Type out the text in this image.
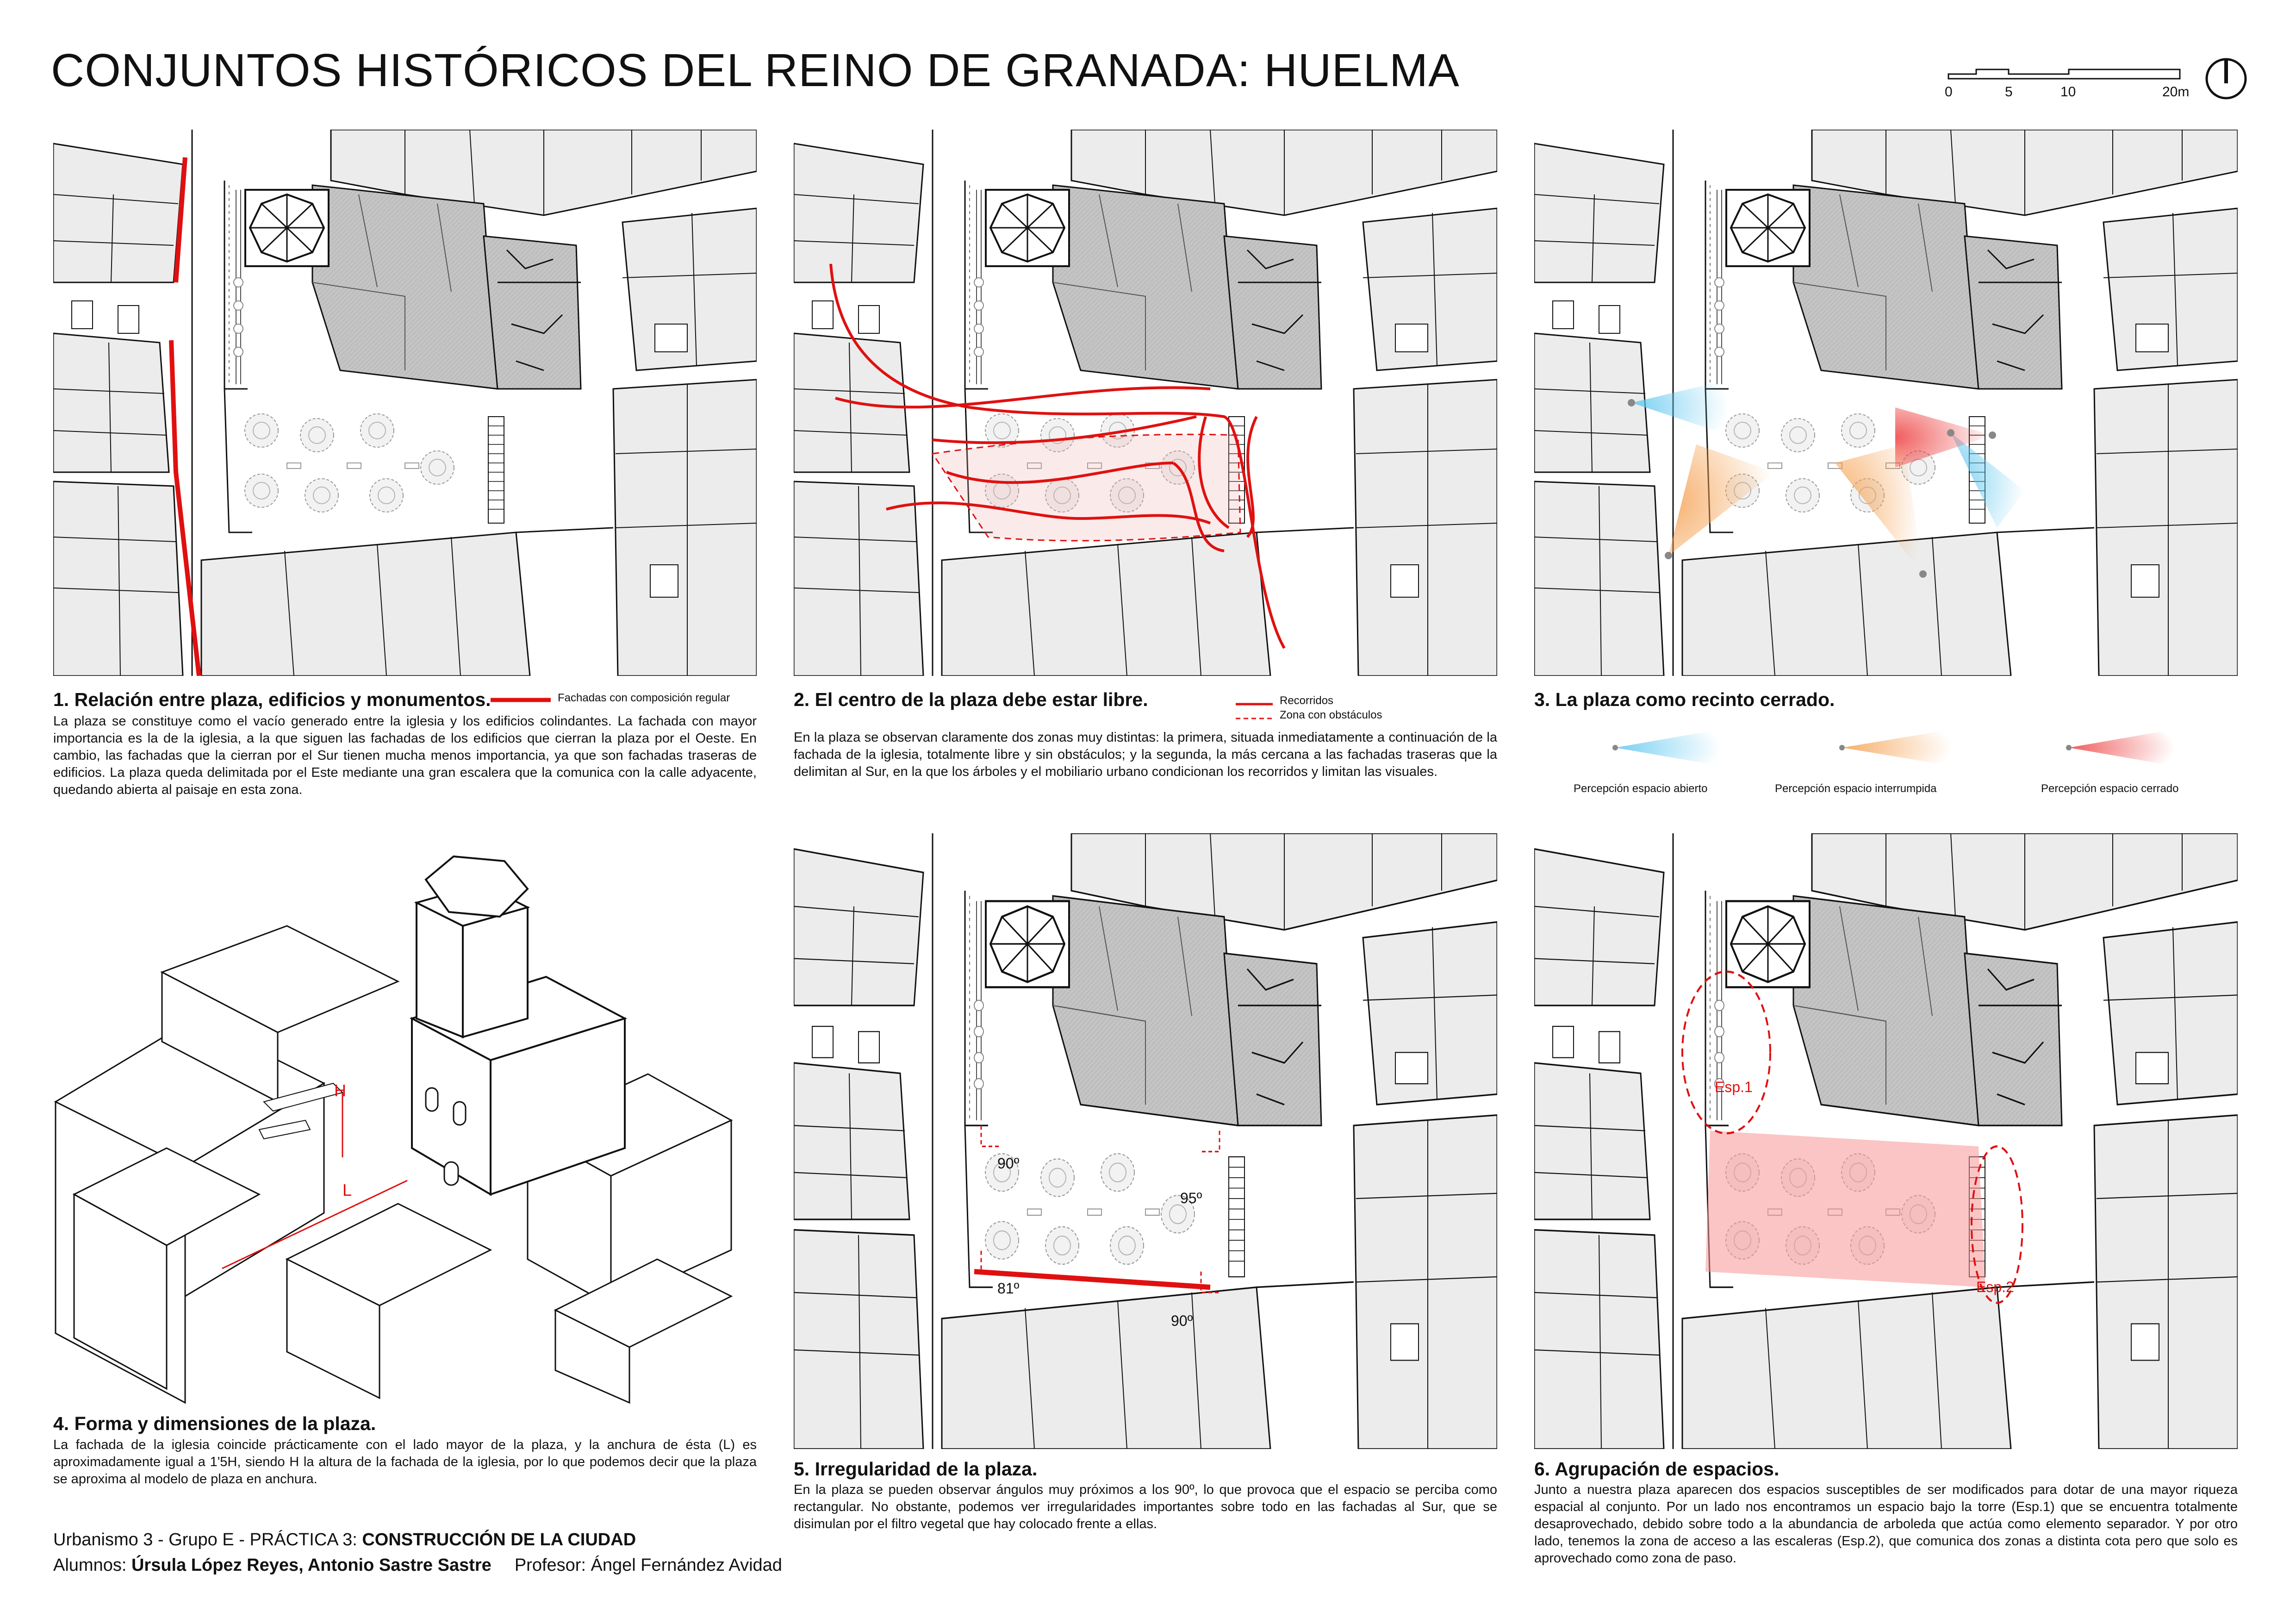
CONJUNTOS HISTÓRICOS DEL REINO DE GRANADA: HUELMA	0	5	10	20m
1. Relación entre plaza, edificios y monumentos.	Fachadas con composición regular
La plaza se constituye como el vacío generado entre la iglesia y los edificios colindantes. La fachada con mayor importancia es la de la iglesia, a la que siguen las fachadas de los edificios que cierran la plaza por el Oeste. En cambio, las fachadas que la cierran por el Sur tienen mucha menos importancia, ya que son fachadas traseras de edificios. La plaza queda delimitada por el Este mediante una gran escalera que la comunica con la calle adyacente, quedando abierta al paisaje en esta zona.
2. El centro de la plaza debe estar libre.	Recorridos
Zona con obstáculos
En la plaza se observan claramente dos zonas muy distintas: la primera, situada inmediatamente a continuación de la fachada de la iglesia, totalmente libre y sin obstáculos; y la segunda, la más cercana a las fachadas traseras que la delimitan al Sur, en la que los árboles y el mobiliario urbano condicionan los recorridos y limitan las visuales.
3. La plaza como recinto cerrado.
Percepción espacio abierto	Percepción espacio interrumpida	Percepción espacio cerrado
H
L
4. Forma y dimensiones de la plaza.
La fachada de la iglesia coincide prácticamente con el lado mayor de la plaza, y la anchura de ésta (L) es aproximadamente igual a 1'5H, siendo H la altura de la fachada de la iglesia, por lo que podemos decir que la plaza se aproxima al modelo de plaza en anchura.
90º
95º
81º
90º
5. Irregularidad de la plaza.
En la plaza se pueden observar ángulos muy próximos a los 90º, lo que provoca que el espacio se perciba como rectangular. No obstante, podemos ver irregularidades importantes sobre todo en las fachadas al Sur, que se disimulan por el filtro vegetal que hay colocado frente a ellas.
Esp.1
Esp.2
6. Agrupación de espacios.
Junto a nuestra plaza aparecen dos espacios susceptibles de ser modificados para dotar de una mayor riqueza espacial al conjunto. Por un lado nos encontramos un espacio bajo la torre (Esp.1) que se encuentra totalmente desaprovechado, debido sobre todo a la abundancia de arboleda que actúa como elemento separador. Y por otro lado, tenemos la zona de acceso a las escaleras (Esp.2), que comunica dos zonas a distinta cota pero que solo es aprovechado como zona de paso.
Urbanismo 3 - Grupo E - PRÁCTICA 3: CONSTRUCCIÓN DE LA CIUDAD
Alumnos: Úrsula López Reyes, Antonio Sastre Sastre Profesor: Ángel Fernández Avidad
